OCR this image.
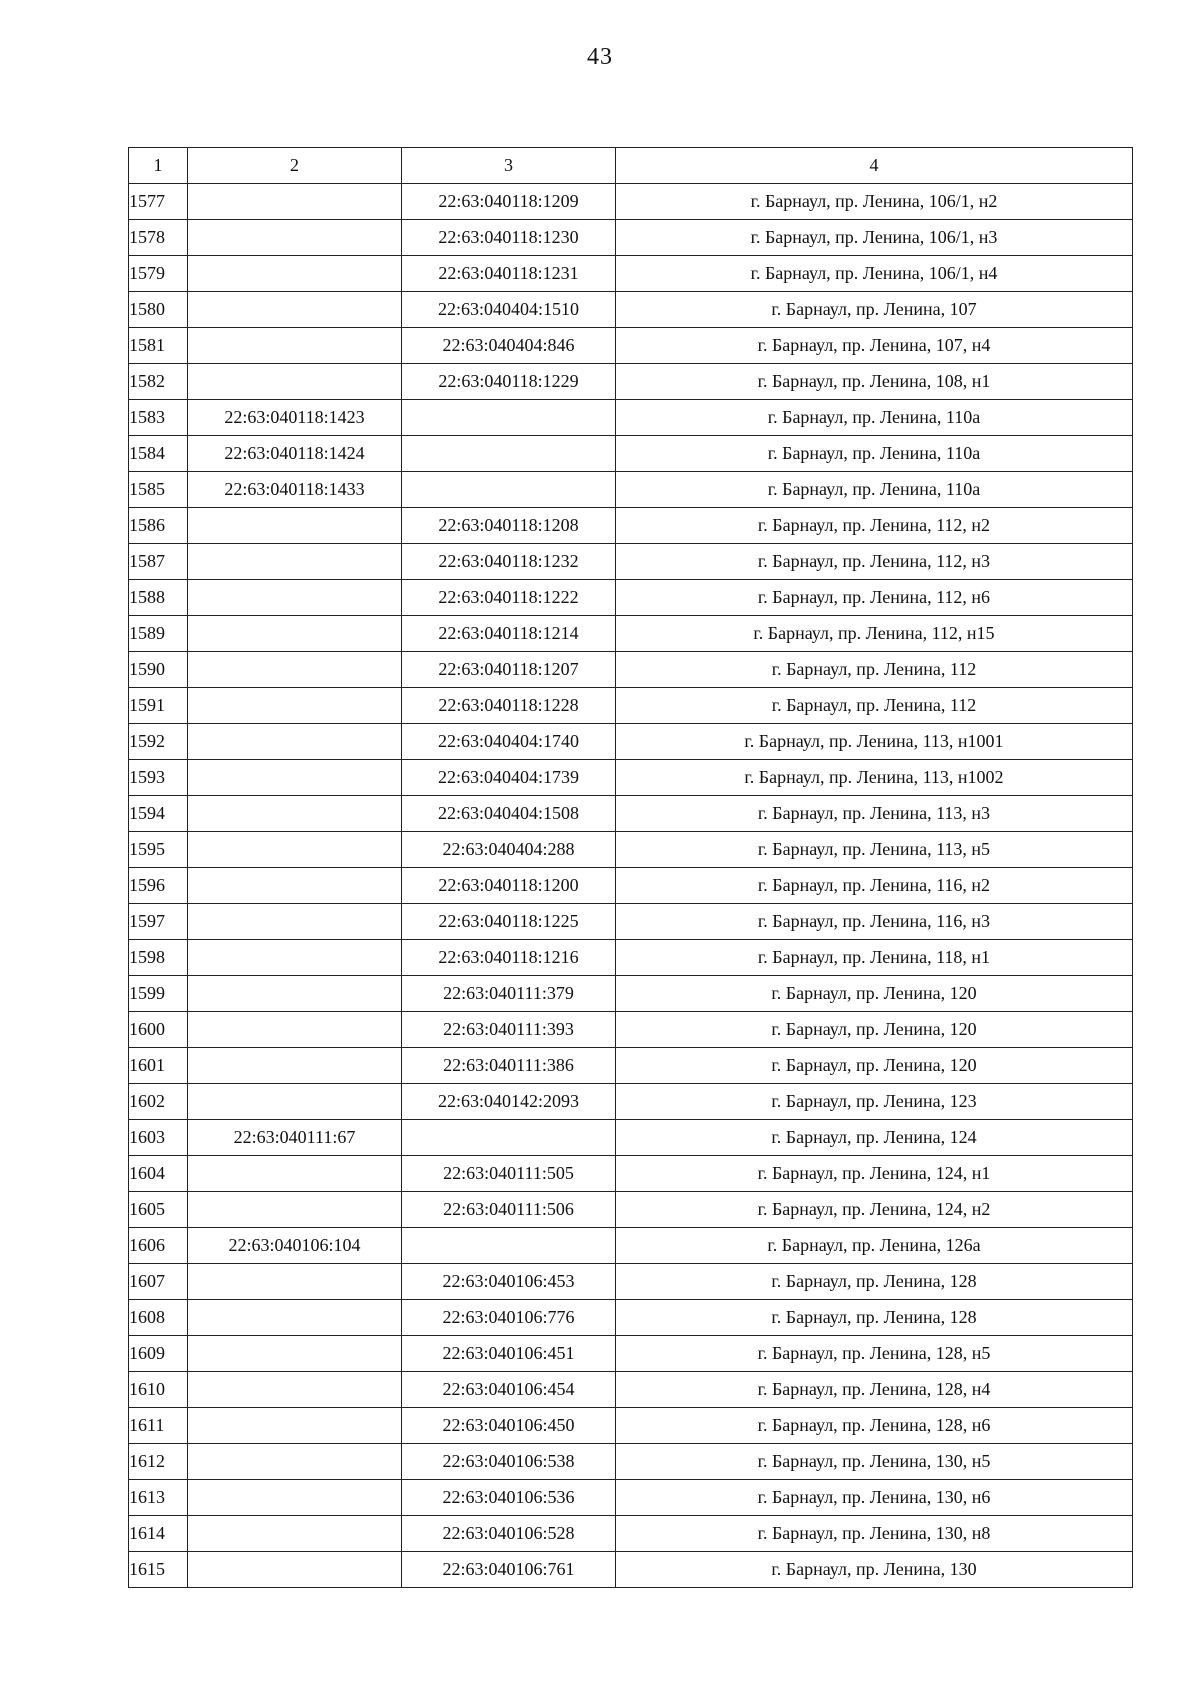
43
1	2	3	4
1577		22:63:040118:1209	г. Барнаул, пр. Ленина, 106/1, н2
1578		22:63:040118:1230	г. Барнаул, пр. Ленина, 106/1, н3
1579		22:63:040118:1231	г. Барнаул, пр. Ленина, 106/1, н4
1580		22:63:040404:1510	г. Барнаул, пр. Ленина, 107
1581		22:63:040404:846	г. Барнаул, пр. Ленина, 107, н4
1582		22:63:040118:1229	г. Барнаул, пр. Ленина, 108, н1
1583	22:63:040118:1423		г. Барнаул, пр. Ленина, 110а
1584	22:63:040118:1424		г. Барнаул, пр. Ленина, 110а
1585	22:63:040118:1433		г. Барнаул, пр. Ленина, 110а
1586		22:63:040118:1208	г. Барнаул, пр. Ленина, 112, н2
1587		22:63:040118:1232	г. Барнаул, пр. Ленина, 112, н3
1588		22:63:040118:1222	г. Барнаул, пр. Ленина, 112, н6
1589		22:63:040118:1214	г. Барнаул, пр. Ленина, 112, н15
1590		22:63:040118:1207	г. Барнаул, пр. Ленина, 112
1591		22:63:040118:1228	г. Барнаул, пр. Ленина, 112
1592		22:63:040404:1740	г. Барнаул, пр. Ленина, 113, н1001
1593		22:63:040404:1739	г. Барнаул, пр. Ленина, 113, н1002
1594		22:63:040404:1508	г. Барнаул, пр. Ленина, 113, н3
1595		22:63:040404:288	г. Барнаул, пр. Ленина, 113, н5
1596		22:63:040118:1200	г. Барнаул, пр. Ленина, 116, н2
1597		22:63:040118:1225	г. Барнаул, пр. Ленина, 116, н3
1598		22:63:040118:1216	г. Барнаул, пр. Ленина, 118, н1
1599		22:63:040111:379	г. Барнаул, пр. Ленина, 120
1600		22:63:040111:393	г. Барнаул, пр. Ленина, 120
1601		22:63:040111:386	г. Барнаул, пр. Ленина, 120
1602		22:63:040142:2093	г. Барнаул, пр. Ленина, 123
1603	22:63:040111:67		г. Барнаул, пр. Ленина, 124
1604		22:63:040111:505	г. Барнаул, пр. Ленина, 124, н1
1605		22:63:040111:506	г. Барнаул, пр. Ленина, 124, н2
1606	22:63:040106:104		г. Барнаул, пр. Ленина, 126а
1607		22:63:040106:453	г. Барнаул, пр. Ленина, 128
1608		22:63:040106:776	г. Барнаул, пр. Ленина, 128
1609		22:63:040106:451	г. Барнаул, пр. Ленина, 128, н5
1610		22:63:040106:454	г. Барнаул, пр. Ленина, 128, н4
1611		22:63:040106:450	г. Барнаул, пр. Ленина, 128, н6
1612		22:63:040106:538	г. Барнаул, пр. Ленина, 130, н5
1613		22:63:040106:536	г. Барнаул, пр. Ленина, 130, н6
1614		22:63:040106:528	г. Барнаул, пр. Ленина, 130, н8
1615		22:63:040106:761	г. Барнаул, пр. Ленина, 130
